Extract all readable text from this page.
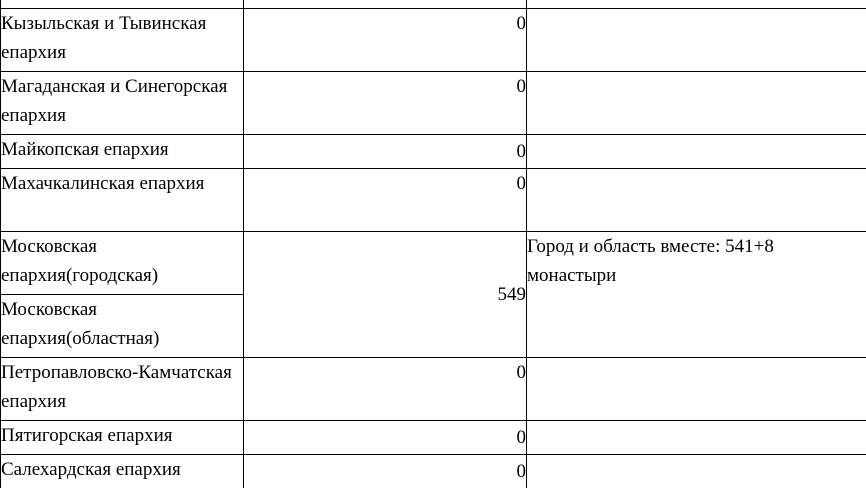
Кызыльская и Тывинская епархия	0	
Магаданская и Синегорская епархия	0	
Майкопская епархия	0	
Махачкалинская епархия	0	
Московская епархия(городская)	549	Город и область вместе: 541+8 монастыри

Московская епархия(областная)		
Петропавловско-Камчатская епархия	0	
Пятигорская епархия	0	
Салехардская епархия	0	
